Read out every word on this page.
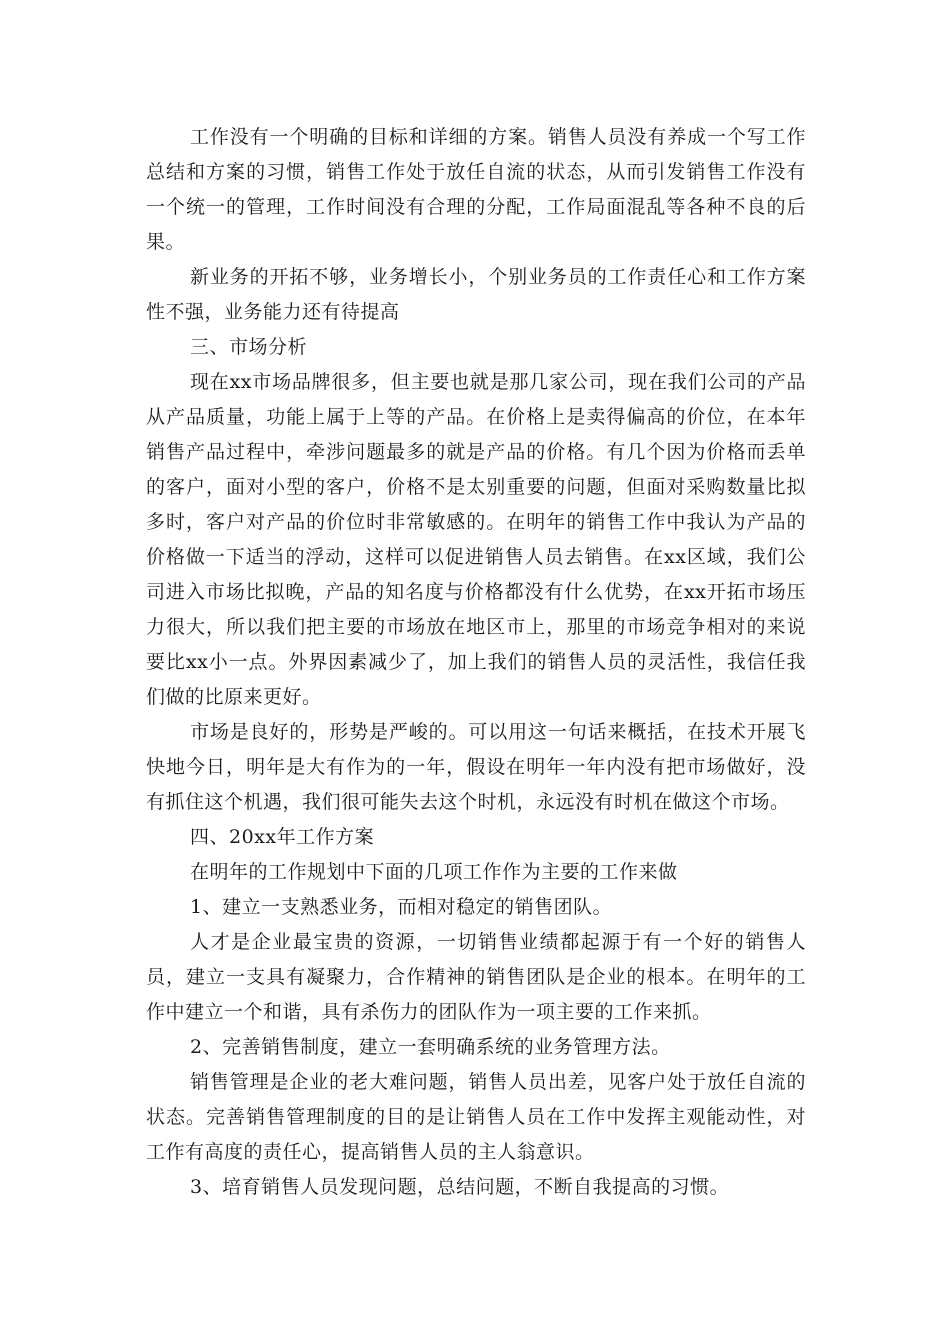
工作没有一个明确的目标和详细的方案。销售人员没有养成一个写工作总结和方案的习惯，销售工作处于放任自流的状态，从而引发销售工作没有一个统一的管理，工作时间没有合理的分配，工作局面混乱等各种不良的后果。

新业务的开拓不够，业务增长小，个别业务员的工作责任心和工作方案性不强，业务能力还有待提高

三、市场分析

现在xx市场品牌很多，但主要也就是那几家公司，现在我们公司的产品从产品质量，功能上属于上等的产品。在价格上是卖得偏高的价位，在本年销售产品过程中，牵涉问题最多的就是产品的价格。有几个因为价格而丢单的客户，面对小型的客户，价格不是太别重要的问题，但面对采购数量比拟多时，客户对产品的价位时非常敏感的。在明年的销售工作中我认为产品的价格做一下适当的浮动，这样可以促进销售人员去销售。在xx区域，我们公司进入市场比拟晚，产品的知名度与价格都没有什么优势，在xx开拓市场压力很大，所以我们把主要的市场放在地区市上，那里的市场竞争相对的来说要比xx小一点。外界因素减少了，加上我们的销售人员的灵活性，我信任我们做的比原来更好。

市场是良好的，形势是严峻的。可以用这一句话来概括，在技术开展飞快地今日，明年是大有作为的一年，假设在明年一年内没有把市场做好，没有抓住这个机遇，我们很可能失去这个时机，永远没有时机在做这个市场。

四、20xx年工作方案

在明年的工作规划中下面的几项工作作为主要的工作来做

1、建立一支熟悉业务，而相对稳定的销售团队。

人才是企业最宝贵的资源，一切销售业绩都起源于有一个好的销售人员，建立一支具有凝聚力，合作精神的销售团队是企业的根本。在明年的工作中建立一个和谐，具有杀伤力的团队作为一项主要的工作来抓。

2、完善销售制度，建立一套明确系统的业务管理方法。

销售管理是企业的老大难问题，销售人员出差，见客户处于放任自流的状态。完善销售管理制度的目的是让销售人员在工作中发挥主观能动性，对工作有高度的责任心，提高销售人员的主人翁意识。

3、培育销售人员发现问题，总结问题，不断自我提高的习惯。
